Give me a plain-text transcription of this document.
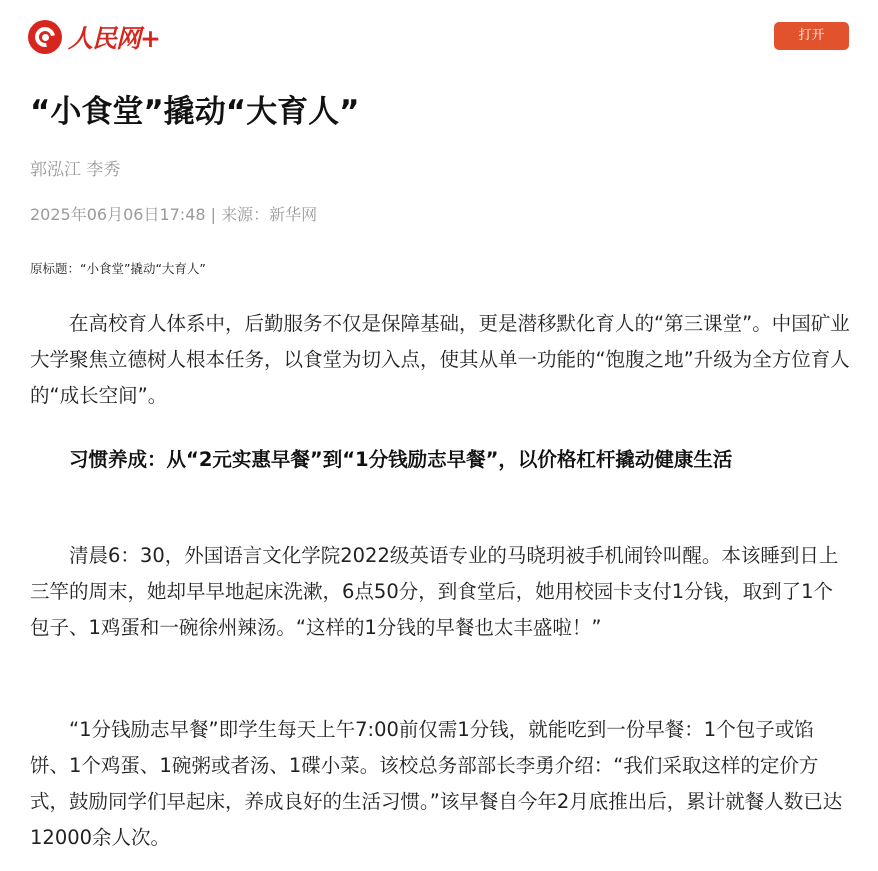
人民网+	打开
“小食堂”撬动“大育人”
郭泓江 李秀
2025年06月06日17:48 | 来源：新华网
原标题：“小食堂”撬动“大育人”

在高校育人体系中，后勤服务不仅是保障基础，更是潜移默化育人的“第三课堂”。中国矿业大学聚焦立德树人根本任务，以食堂为切入点，使其从单一功能的“饱腹之地”升级为全方位育人的“成长空间”。

习惯养成：从“2元实惠早餐”到“1分钱励志早餐”，以价格杠杆撬动健康生活

清晨6：30，外国语言文化学院2022级英语专业的马晓玥被手机闹铃叫醒。本该睡到日上三竿的周末，她却早早地起床洗漱，6点50分，到食堂后，她用校园卡支付1分钱，取到了1个包子、1鸡蛋和一碗徐州辣汤。“这样的1分钱的早餐也太丰盛啦！”

“1分钱励志早餐”即学生每天上午7:00前仅需1分钱，就能吃到一份早餐：1个包子或馅饼、1个鸡蛋、1碗粥或者汤、1碟小菜。该校总务部部长李勇介绍：“我们采取这样的定价方式，鼓励同学们早起床，养成良好的生活习惯。”该早餐自今年2月底推出后，累计就餐人数已达12000余人次。
